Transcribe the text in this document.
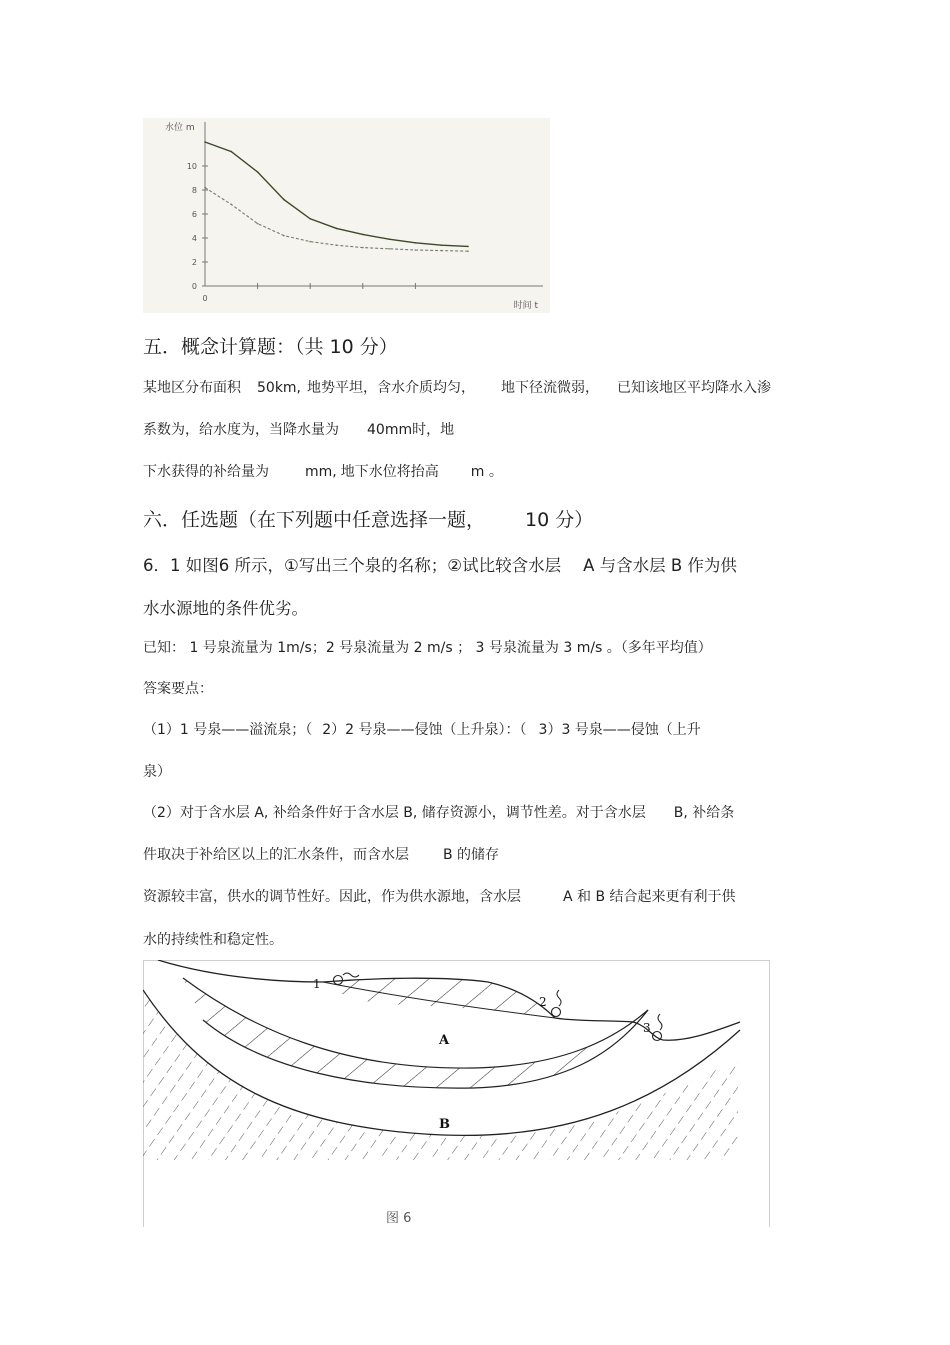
0
2
4
6
8
10
0
水位 m
时间 t
五．概念计算题：（共 10 分）
某地区分布面积 50km, 地势平坦，含水介质均匀， 地下径流微弱， 已知该地区平均降水入渗
系数为，给水度为，当降水量为 40mm时，地
下水获得的补给量为	mm, 地下水位将抬高 m 。
六．任选题（在下列题中任意选择一题， 10 分）
6．1 如图6 所示，①写出三个泉的名称；②试比较含水层 A 与含水层 B 作为供
水水源地的条件优劣。
已知： 1 号泉流量为 1m/s；2 号泉流量为 2 m/s ； 3 号泉流量为 3 m/s 。（多年平均值）
答案要点：
（1）1 号泉——溢流泉；（ 2）2 号泉——侵蚀（上升泉）：（ 3）3 号泉——侵蚀（上升
泉）
（2）对于含水层 A, 补给条件好于含水层 B, 储存资源小，调节性差。对于含水层 B, 补给条
件取决于补给区以上的汇水条件，而含水层 B 的储存
资源较丰富，供水的调节性好。因此，作为供水源地，含水层	A 和 B 结合起来更有利于供
水的持续性和稳定性。
1
2
3
A
B
图 6
